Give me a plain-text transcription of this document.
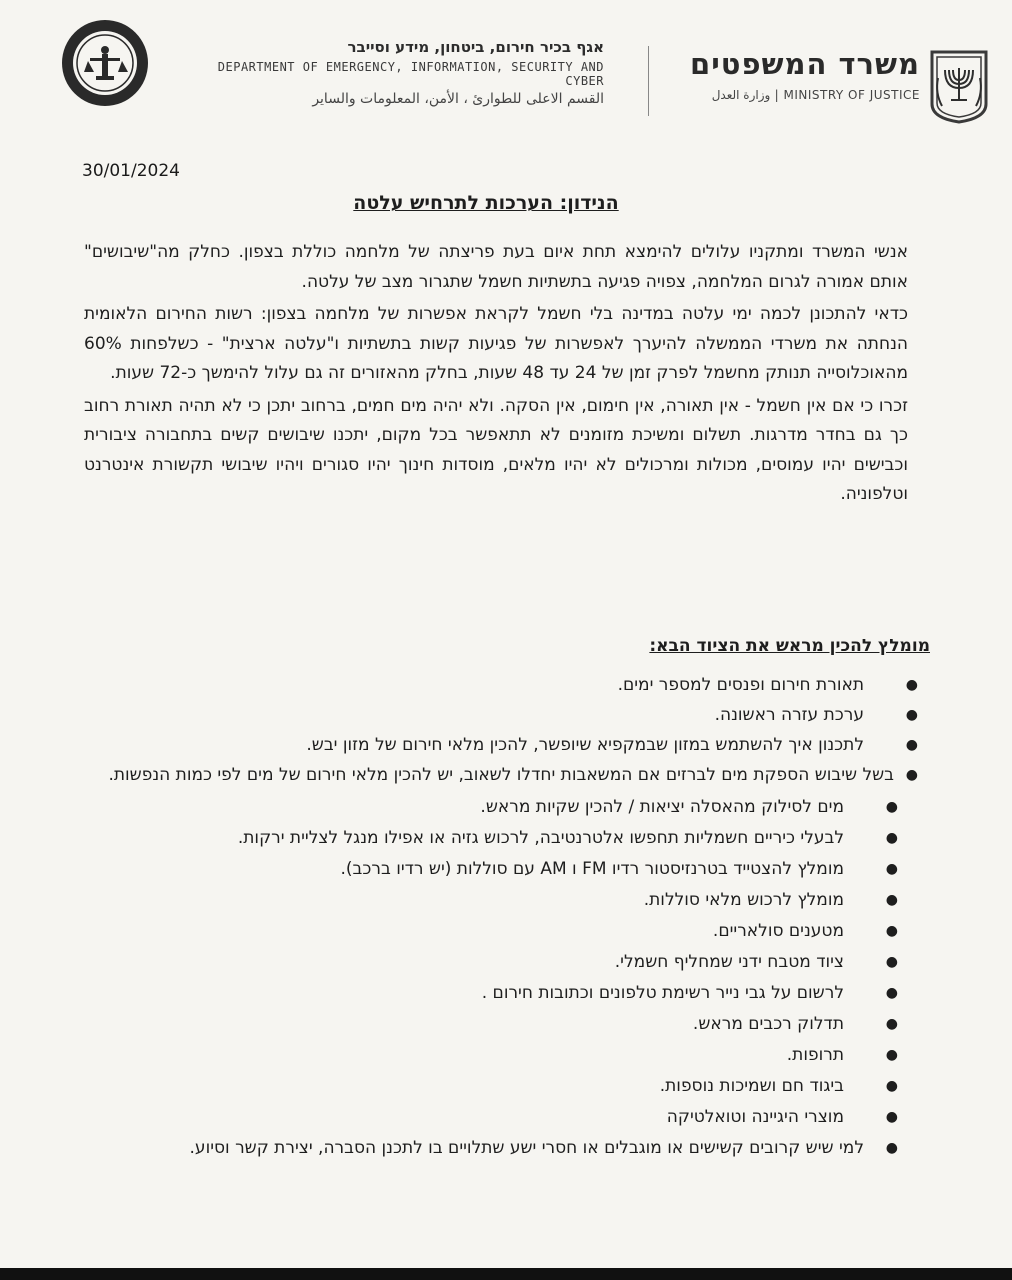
משרד המשפטים
MINISTRY OF JUSTICE | وزارة العدل
אגף בכיר חירום, ביטחון, מידע וסייבר
DEPARTMENT OF EMERGENCY, INFORMATION, SECURITY AND CYBER
القسم الاعلى للطوارئ ، الأمن، المعلومات والساير
30/01/2024
הנידון: הערכות לתרחיש עלטה

אנשי המשרד ומתקניו עלולים להימצא תחת איום בעת פריצתה של מלחמה כוללת בצפון. כחלק מה"שיבושים" אותם אמורה לגרום המלחמה, צפויה פגיעה בתשתיות חשמל שתגרור מצב של עלטה.

כדאי להתכונן לכמה ימי עלטה במדינה בלי חשמל לקראת אפשרות של מלחמה בצפון: רשות החירום הלאומית הנחתה את משרדי הממשלה להיערך לאפשרות של פגיעות קשות בתשתיות ו"עלטה ארצית" - כשלפחות 60% מהאוכלוסייה תנותק מחשמל לפרק זמן של 24 עד 48 שעות, בחלק מהאזורים זה גם עלול להימשך כ-72 שעות.

זכרו כי אם אין חשמל - אין תאורה, אין חימום, אין הסקה. ולא יהיה מים חמים, ברחוב יתכן כי לא תהיה תאורת רחוב כך גם בחדר מדרגות. תשלום ומשיכת מזומנים לא תתאפשר בכל מקום, יתכנו שיבושים קשים בתחבורה ציבורית וכבישים יהיו עמוסים, מכולות ומרכולים לא יהיו מלאים, מוסדות חינוך יהיו סגורים ויהיו שיבושי תקשורת אינטרנט וטלפוניה.

מומלץ להכין מראש את הציוד הבא:
●
תאורת חירום ופנסים למספר ימים.
●
ערכת עזרה ראשונה.
●
לתכנון איך להשתמש במזון שבמקפיא שיופשר, להכין מלאי חירום של מזון יבש.
●
בשל שיבוש הספקת מים לברזים אם המשאבות יחדלו לשאוב, יש להכין מלאי חירום של מים לפי כמות הנפשות.
●
מים לסילוק מהאסלה יציאות / להכין שקיות מראש.
●
לבעלי כיריים חשמליות תחפשו אלטרנטיבה, לרכוש גזיה או אפילו מנגל לצליית ירקות.
●
מומלץ להצטייד בטרנזיסטור רדיו FM ו AM עם סוללות (יש רדיו ברכב).
●
מומלץ לרכוש מלאי סוללות.
●
מטענים סולאריים.
●
ציוד מטבח ידני שמחליף חשמלי.
●
לרשום על גבי נייר רשימת טלפונים וכתובות חירום .
●
תדלוק רכבים מראש.
●
תרופות.
●
ביגוד חם ושמיכות נוספות.
●
מוצרי היגיינה וטואלטיקה
●
למי שיש קרובים קשישים או מוגבלים או חסרי ישע שתלויים בו לתכנן הסברה, יצירת קשר וסיוע.
